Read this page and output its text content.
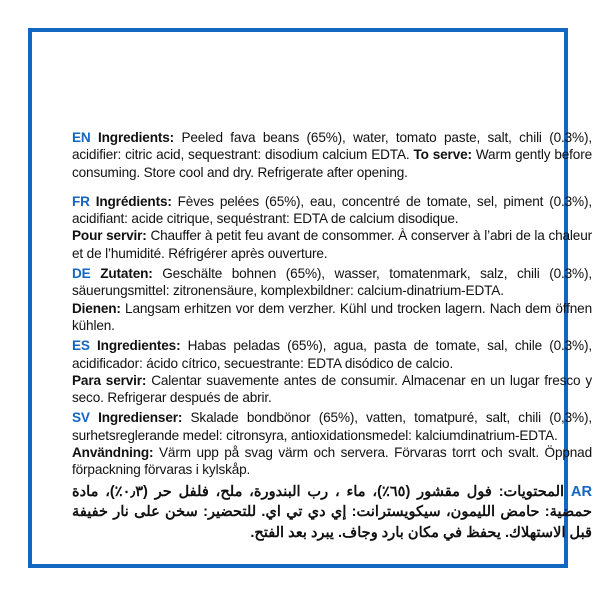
EN Ingredients: Peeled fava beans (65%), water, tomato paste, salt, chili (0.3%), acidifier: citric acid, sequestrant: disodium calcium EDTA. To serve: Warm gently before consuming. Store cool and dry. Refrigerate after opening.

FR Ingrédients: Fèves pelées (65%), eau, concentré de tomate, sel, piment (0.3%), acidifiant: acide citrique, sequéstrant: EDTA de calcium disodique.
Pour servir: Chauffer à petit feu avant de consommer. À conserver à l’abri de la chaleur et de l’humidité. Réfrigérer après ouverture.

DE Zutaten: Geschälte bohnen (65%), wasser, tomatenmark, salz, chili (0.3%), säuerungsmittel: zitronensäure, komplexbildner: calcium-dinatrium-EDTA.
Dienen: Langsam erhitzen vor dem verzher. Kühl und trocken lagern. Nach dem öffnen kühlen.

ES Ingredientes: Habas peladas (65%), agua, pasta de tomate, sal, chile (0.3%), acidificador: ácido cítrico, secuestrante: EDTA disódico de calcio.
Para servir: Calentar suavemente antes de consumir. Almacenar en un lugar fresco y seco. Refrigerar después de abrir.

SV Ingredienser: Skalade bondbönor (65%), vatten, tomatpuré, salt, chili (0,3%), surhetsreglerande medel: citronsyra, antioxidationsmedel: kalciumdinatrium-EDTA.
Användning: Värm upp på svag värm och servera. Förvaras torrt och svalt. Öppnad förpackning förvaras i kylskåp.

AR المحتويات: فول مقشور (٦٥٪)، ماء ، رب البندورة، ملح، فلفل حر (٠٫٣٪)، مادة حمضية: حامض الليمون، سيكويسترانت: إي دي تي اي. للتحضير: سخن على نار خفيفة قبل الاستهلاك. يحفظ في مكان بارد وجاف. يبرد بعد الفتح.
